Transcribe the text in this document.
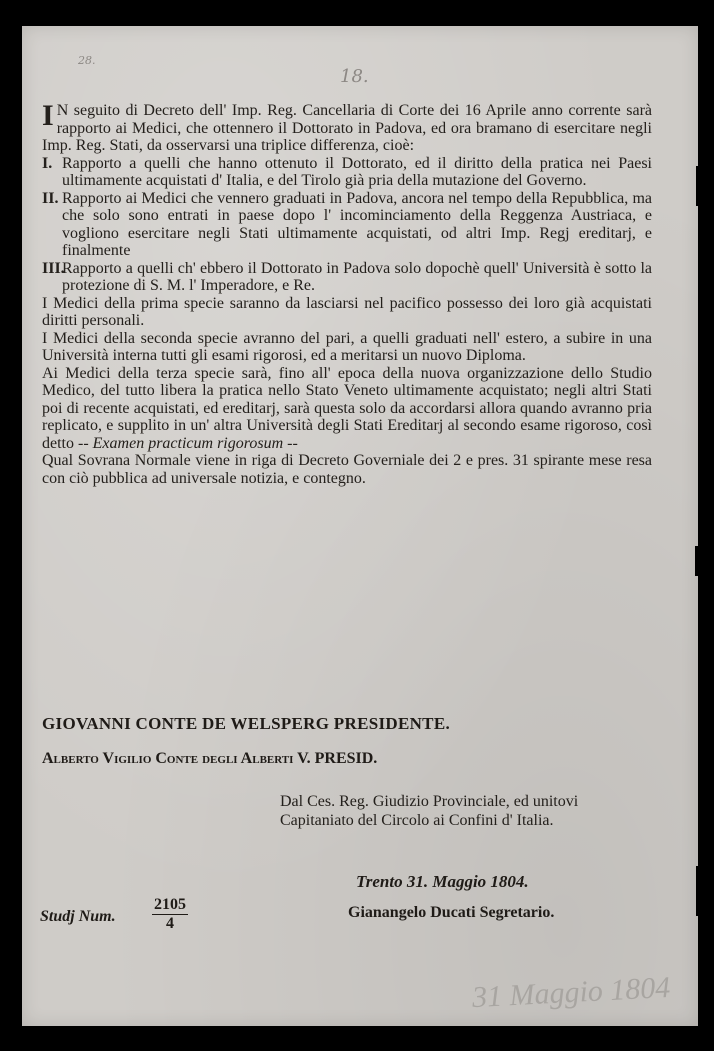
28.
18.

I N seguito di Decreto dell' Imp. Reg. Cancellaria di Corte dei 16 Aprile anno corrente sarà rapporto ai Medici, che ottennero il Dottorato in Padova, ed ora bramano di esercitare negli Imp. Reg. Stati, da osservarsi una triplice differenza, cioè:

I. Rapporto a quelli che hanno ottenuto il Dottorato, ed il diritto della pratica nei Paesi ultimamente acquistati d' Italia, e del Tirolo già pria della mutazione del Governo.
II. Rapporto ai Medici che vennero graduati in Padova, ancora nel tempo della Repubblica, ma che solo sono entrati in paese dopo l' incominciamento della Reggenza Austriaca, e vogliono esercitare negli Stati ultimamente acquistati, od altri Imp. Regj ereditarj, e finalmente
III.
Rapporto a quelli ch' ebbero il Dottorato in Padova solo dopochè quell' Università è sotto la protezione di S. M. l' Imperadore, e Re.

I Medici della prima specie saranno da lasciarsi nel pacifico possesso dei loro già acquistati diritti personali.

I Medici della seconda specie avranno del pari, a quelli graduati nell' estero, a subire in una Università interna tutti gli esami rigorosi, ed a meritarsi un nuovo Diploma.

Ai Medici della terza specie sarà, fino all' epoca della nuova organizzazione dello Studio Medico, del tutto libera la pratica nello Stato Veneto ultimamente acquistato; negli altri Stati poi di recente acquistati, ed ereditarj, sarà questa solo da accordarsi allora quando avranno pria replicato, e supplito in un' altra Università degli Stati Ereditarj al secondo esame rigoroso, così detto -- Examen practicum rigorosum --

Qual Sovrana Normale viene in riga di Decreto Governiale dei 2 e pres. 31 spirante mese resa con ciò pubblica ad universale notizia, e contegno.

GIOVANNI CONTE DE WELSPERG PRESIDENTE.
Alberto Vigilio Conte degli Alberti V. PRESID.
Dal Ces. Reg. Giudizio Provinciale, ed unitovi Capitaniato del Circolo ai Confini d' Italia.
Trento 31. Maggio 1804.
Studj Num. $\frac{2105}{4}$	Gianangelo Ducati Segretario.
31 Maggio 1804
